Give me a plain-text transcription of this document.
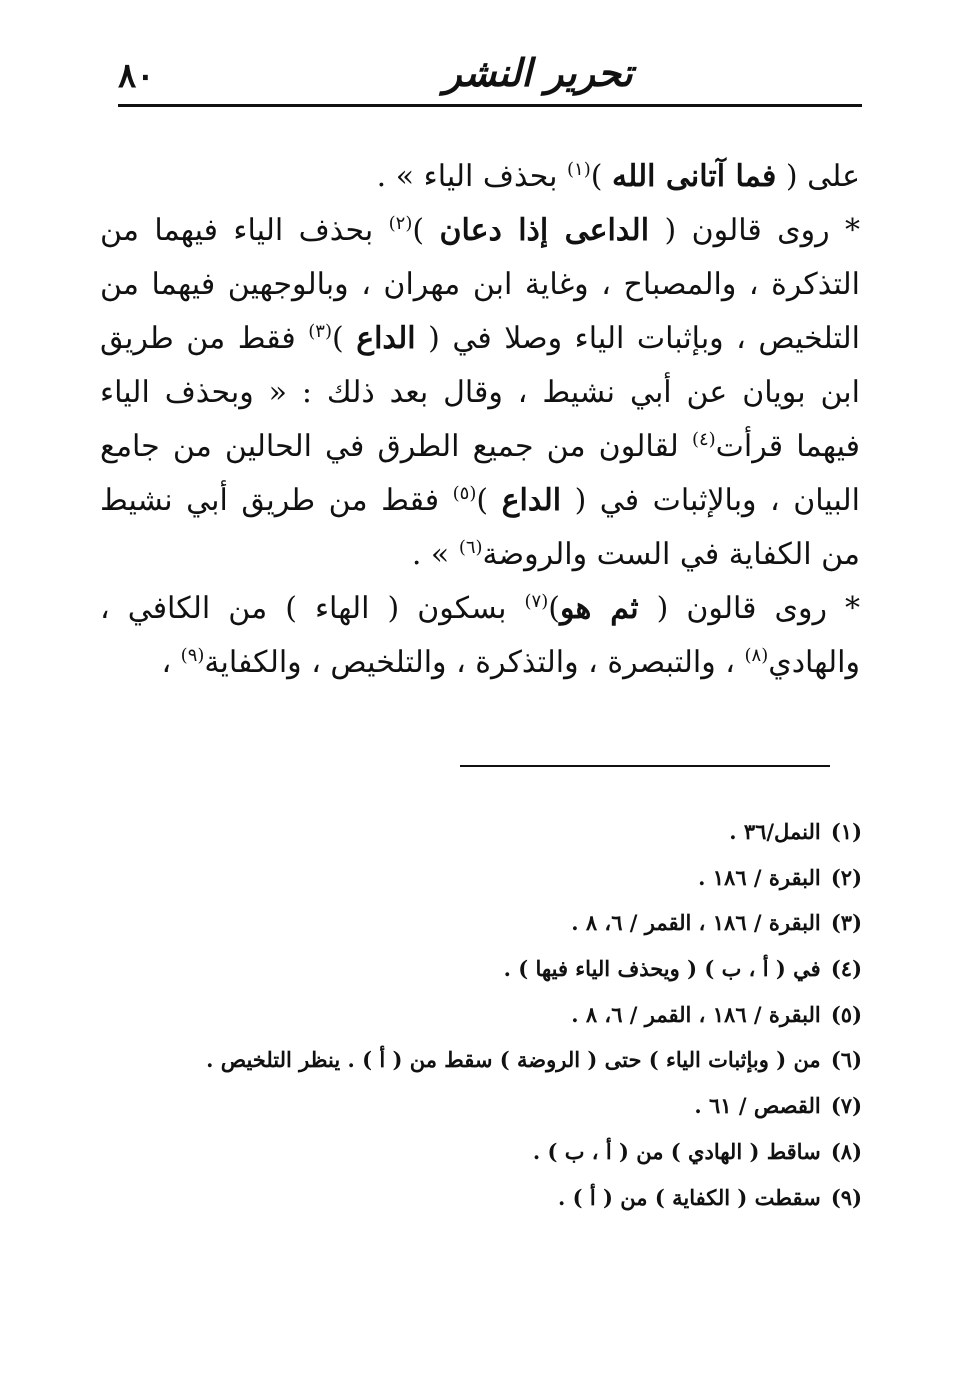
٨٠	تحرير النشر

على ( فما آتانى الله )$^{(١)}$ بحذف الياء » .

* روى قالون ( الداعى إذا دعان )$^{(٢)}$ بحذف الياء فيهما من التذكرة ، والمصباح ، وغاية ابن مهران ، وبالوجهين فيهما من التلخيص ، وبإثبات الياء وصلا في ( الداع )$^{(٣)}$ فقط من طريق ابن بويان عن أبي نشيط ، وقال بعد ذلك : « وبحذف الياء فيهما قرأت$^{(٤)}$ لقالون من جميع الطرق في الحالين من جامع البيان ، وبالإثبات في ( الداع )$^{(٥)}$ فقط من طريق أبي نشيط من الكفاية في الست والروضة$^{(٦)}$ » .

* روى قالون ( ثم هو)$^{(٧)}$ بسكون ( الهاء ) من الكافي ، والهادي$^{(٨)}$ ، والتبصرة ، والتذكرة ، والتلخيص ، والكفاية$^{(٩)}$ ،

(١) النمل/٣٦ .
(٢) البقرة / ١٨٦ .
(٣) البقرة / ١٨٦ ، القمر / ٦، ٨ .
(٤) في ( أ ، ب ) ( ويحذف الياء فيها ) .
(٥) البقرة / ١٨٦ ، القمر / ٦، ٨ .
(٦) من ( وبإثبات الياء ) حتى ( الروضة ) سقط من ( أ ) . ينظر التلخيص .
(٧) القصص / ٦١ .
(٨) ساقط ( الهادي ) من ( أ ، ب ) .
(٩) سقطت ( الكفاية ) من ( أ ) .
